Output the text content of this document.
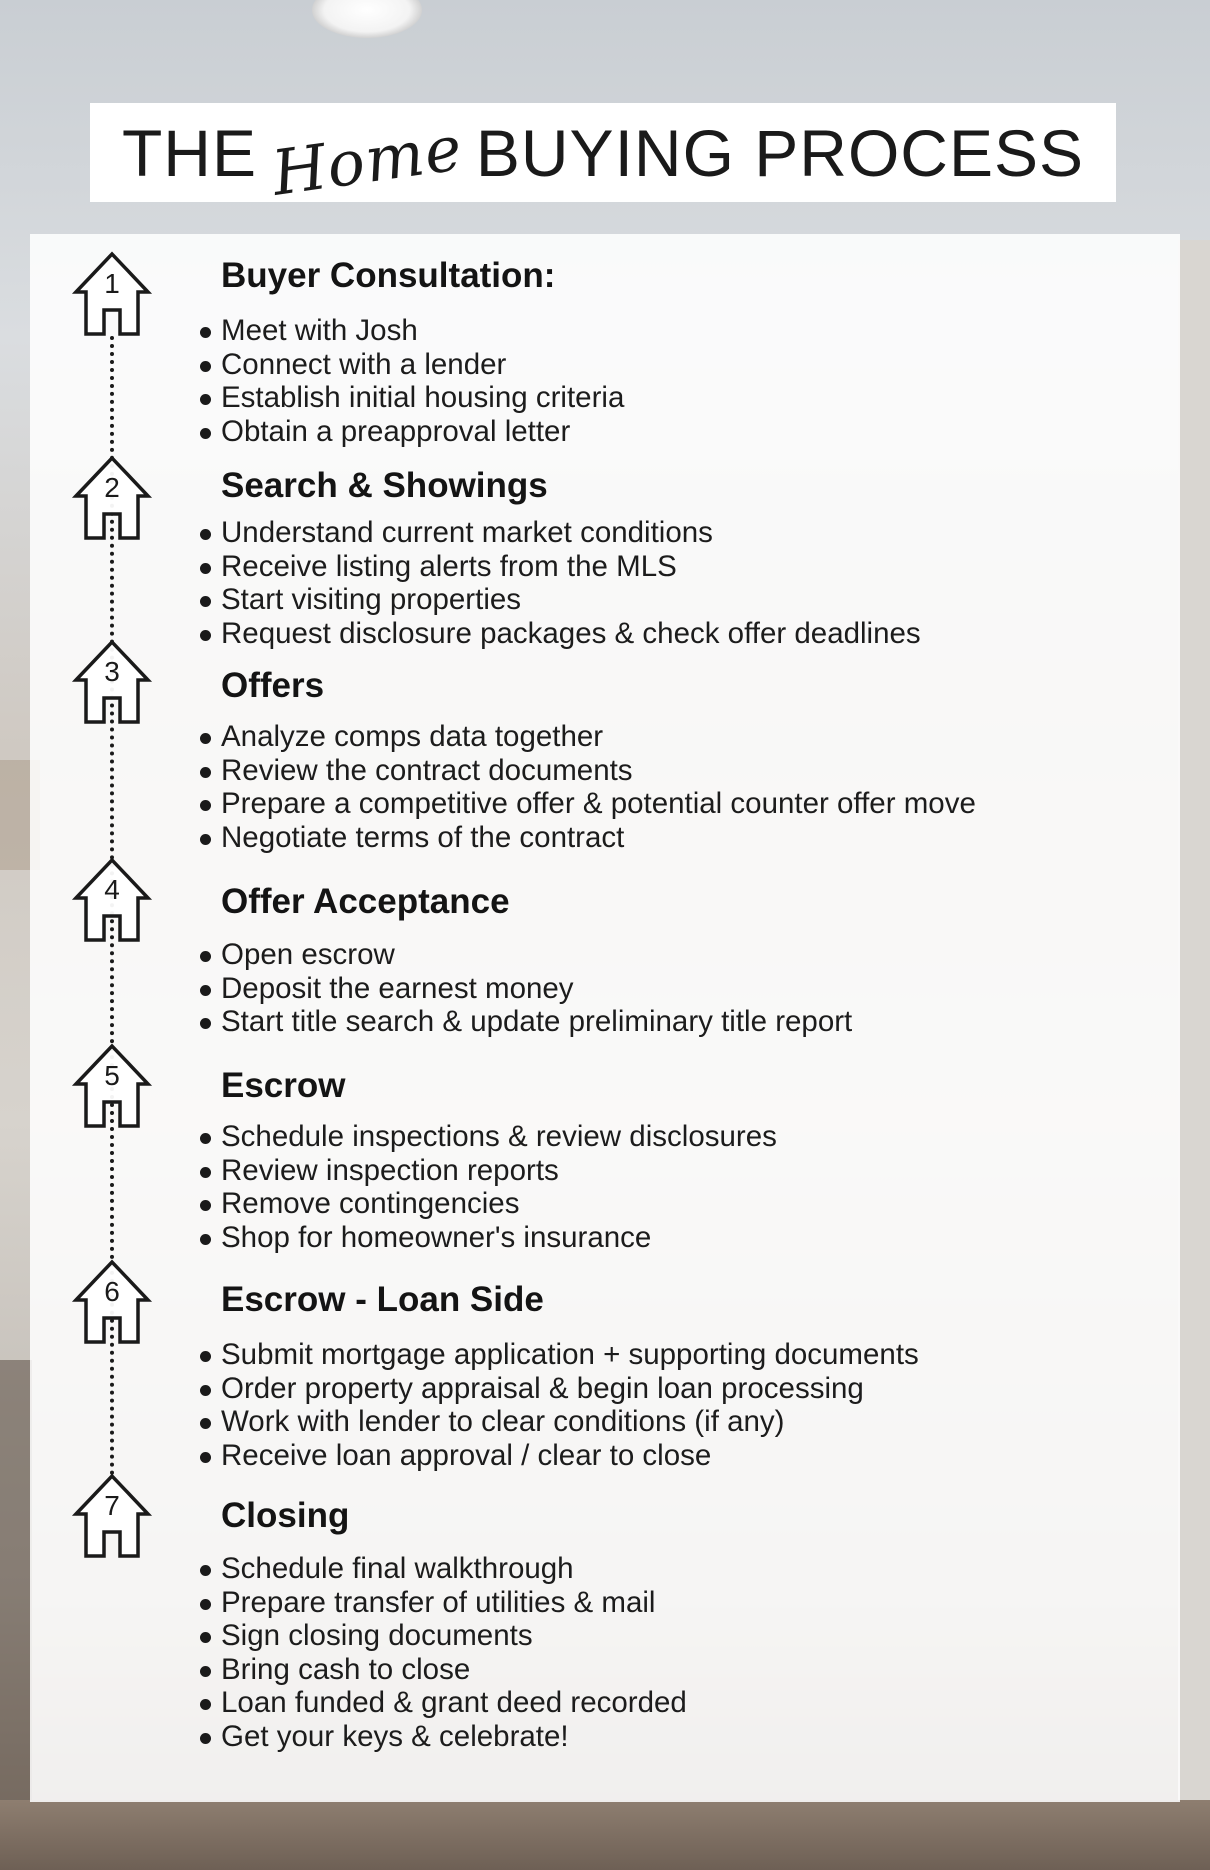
THE Home BUYING PROCESS
1	Buyer Consultation:
Meet with Josh
Connect with a lender
Establish initial housing criteria
Obtain a preapproval letter
2	Search & Showings
Understand current market conditions
Receive listing alerts from the MLS
Start visiting properties
Request disclosure packages & check offer deadlines
3	Offers
Analyze comps data together
Review the contract documents
Prepare a competitive offer & potential counter offer move
Negotiate terms of the contract
4	Offer Acceptance
Open escrow
Deposit the earnest money
Start title search & update preliminary title report
5	Escrow
Schedule inspections & review disclosures
Review inspection reports
Remove contingencies
Shop for homeowner's insurance
6	Escrow - Loan Side
Submit mortgage application + supporting documents
Order property appraisal & begin loan processing
Work with lender to clear conditions (if any)
Receive loan approval / clear to close
7	Closing
Schedule final walkthrough
Prepare transfer of utilities & mail
Sign closing documents
Bring cash to close
Loan funded & grant deed recorded
Get your keys & celebrate!
